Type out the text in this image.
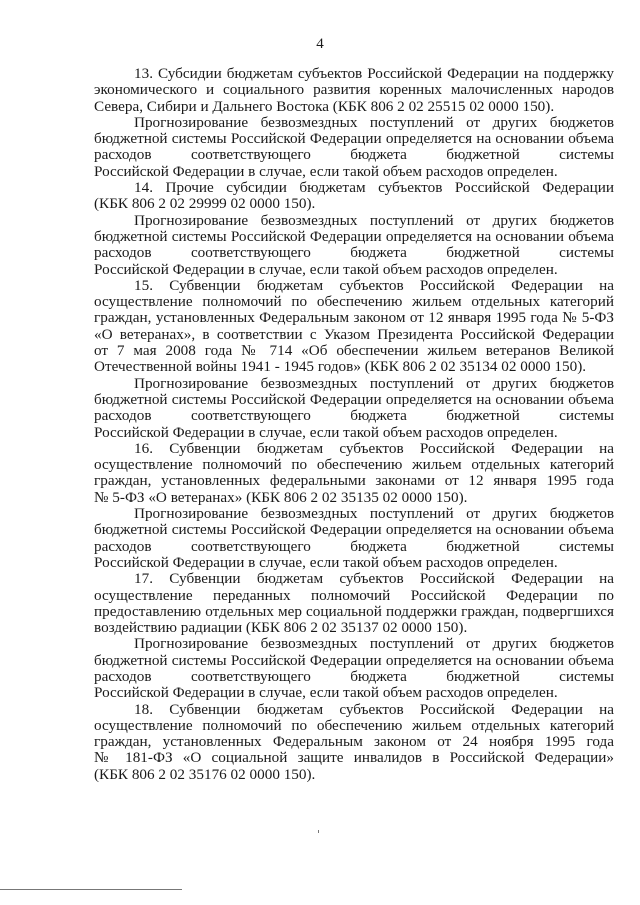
4

13. Субсидии бюджетам субъектов Российской Федерации на поддержку
экономического и социального развития коренных малочисленных народов
Севера, Сибири и Дальнего Востока (КБК 806 2 02 25515 02 0000 150).

Прогнозирование безвозмездных поступлений от других бюджетов
бюджетной системы Российской Федерации определяется на основании объема
расходов соответствующего бюджета бюджетной системы
Российской Федерации в случае, если такой объем расходов определен.

14. Прочие субсидии бюджетам субъектов Российской Федерации
(КБК 806 2 02 29999 02 0000 150).

Прогнозирование безвозмездных поступлений от других бюджетов
бюджетной системы Российской Федерации определяется на основании объема
расходов соответствующего бюджета бюджетной системы
Российской Федерации в случае, если такой объем расходов определен.

15. Субвенции бюджетам субъектов Российской Федерации на
осуществление полномочий по обеспечению жильем отдельных категорий
граждан, установленных Федеральным законом от 12 января 1995 года № 5-ФЗ
«О ветеранах», в соответствии с Указом Президента Российской Федерации
от 7 мая 2008 года № 714 «Об обеспечении жильем ветеранов Великой
Отечественной войны 1941 - 1945 годов» (КБК 806 2 02 35134 02 0000 150).

Прогнозирование безвозмездных поступлений от других бюджетов
бюджетной системы Российской Федерации определяется на основании объема
расходов соответствующего бюджета бюджетной системы
Российской Федерации в случае, если такой объем расходов определен.

16. Субвенции бюджетам субъектов Российской Федерации на
осуществление полномочий по обеспечению жильем отдельных категорий
граждан, установленных федеральными законами от 12 января 1995 года
№ 5-ФЗ «О ветеранах» (КБК 806 2 02 35135 02 0000 150).

Прогнозирование безвозмездных поступлений от других бюджетов
бюджетной системы Российской Федерации определяется на основании объема
расходов соответствующего бюджета бюджетной системы
Российской Федерации в случае, если такой объем расходов определен.

17. Субвенции бюджетам субъектов Российской Федерации на
осуществление переданных полномочий Российской Федерации по
предоставлению отдельных мер социальной поддержки граждан, подвергшихся
воздействию радиации (КБК 806 2 02 35137 02 0000 150).

Прогнозирование безвозмездных поступлений от других бюджетов
бюджетной системы Российской Федерации определяется на основании объема
расходов соответствующего бюджета бюджетной системы
Российской Федерации в случае, если такой объем расходов определен.

18. Субвенции бюджетам субъектов Российской Федерации на
осуществление полномочий по обеспечению жильем отдельных категорий
граждан, установленных Федеральным законом от 24 ноября 1995 года
№ 181-ФЗ «О социальной защите инвалидов в Российской Федерации»
(КБК 806 2 02 35176 02 0000 150).
